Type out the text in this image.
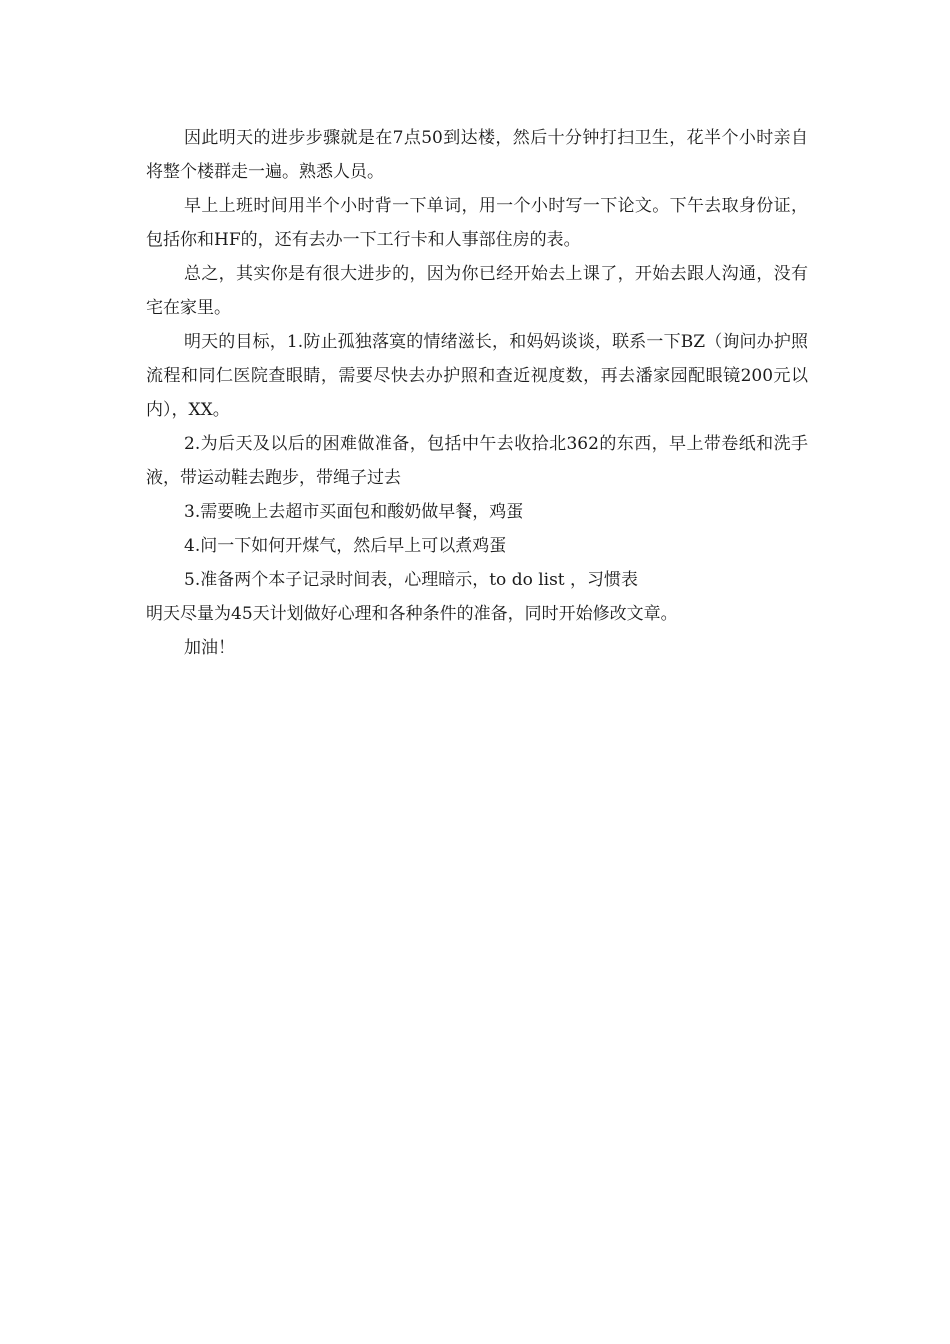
因此明天的进步步骤就是在7点50到达楼，然后十分钟打扫卫生，花半个小时亲自将整个楼群走一遍。熟悉人员。

早上上班时间用半个小时背一下单词，用一个小时写一下论文。下午去取身份证，包括你和HF的，还有去办一下工行卡和人事部住房的表。

总之，其实你是有很大进步的，因为你已经开始去上课了，开始去跟人沟通，没有宅在家里。

明天的目标，1.防止孤独落寞的情绪滋长，和妈妈谈谈，联系一下BZ（询问办护照流程和同仁医院查眼睛，需要尽快去办护照和查近视度数，再去潘家园配眼镜200元以内），XX。

2.为后天及以后的困难做准备，包括中午去收拾北362的东西，早上带卷纸和洗手液，带运动鞋去跑步，带绳子过去

3.需要晚上去超市买面包和酸奶做早餐，鸡蛋

4.问一下如何开煤气，然后早上可以煮鸡蛋

5.准备两个本子记录时间表，心理暗示，to do list ，习惯表

明天尽量为45天计划做好心理和各种条件的准备，同时开始修改文章。

加油！
